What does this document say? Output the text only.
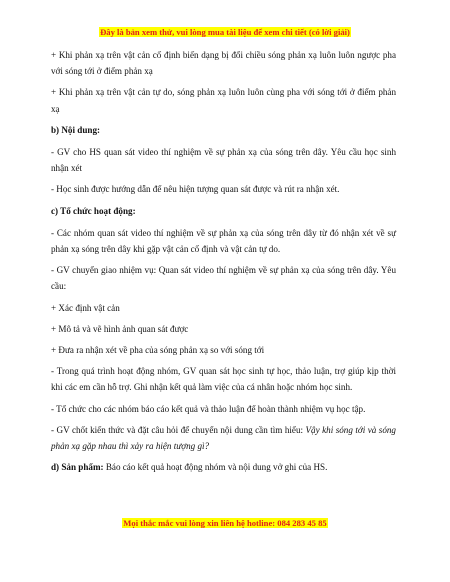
Đây là bản xem thử, vui lòng mua tài liệu để xem chi tiết (có lời giải)

+ Khi phản xạ trên vật cản cố định biến dạng bị đổi chiều sóng phản xạ luôn luôn ngược pha với sóng tới ở điểm phản xạ

+ Khi phản xạ trên vật cản tự do, sóng phản xạ luôn luôn cùng pha với sóng tới ở điểm phản xạ

b) Nội dung:

- GV cho HS quan sát video thí nghiệm về sự phản xạ của sóng trên dây. Yêu cầu học sinh nhận xét

- Học sinh được hướng dẫn để nêu hiện tượng quan sát được và rút ra nhận xét.

c) Tổ chức hoạt động:

- Các nhóm quan sát video thí nghiệm về sự phản xạ của sóng trên dây từ đó nhận xét về sự phản xạ sóng trên dây khi gặp vật cản cố định và vật cản tự do.

- GV chuyển giao nhiệm vụ: Quan sát video thí nghiệm về sự phản xạ của sóng trên dây. Yêu cầu:

+ Xác định vật cản

+ Mô tả và vẽ hình ảnh quan sát được

+ Đưa ra nhận xét về pha của sóng phản xạ so với sóng tới

- Trong quá trình hoạt động nhóm, GV quan sát học sinh tự học, thảo luận, trợ giúp kịp thời khi các em cần hỗ trợ. Ghi nhận kết quả làm việc của cá nhân hoặc nhóm học sinh.

- Tổ chức cho các nhóm báo cáo kết quả và thảo luận để hoàn thành nhiệm vụ học tập.

- GV chốt kiến thức và đặt câu hỏi để chuyển nội dung cần tìm hiểu: Vậy khi sóng tới và sóng phản xạ gặp nhau thì xảy ra hiện tượng gì?

d) Sản phẩm: Báo cáo kết quả hoạt động nhóm và nội dung vở ghi của HS.

Mọi thắc mắc vui lòng xin liên hệ hotline: 084 283 45 85
